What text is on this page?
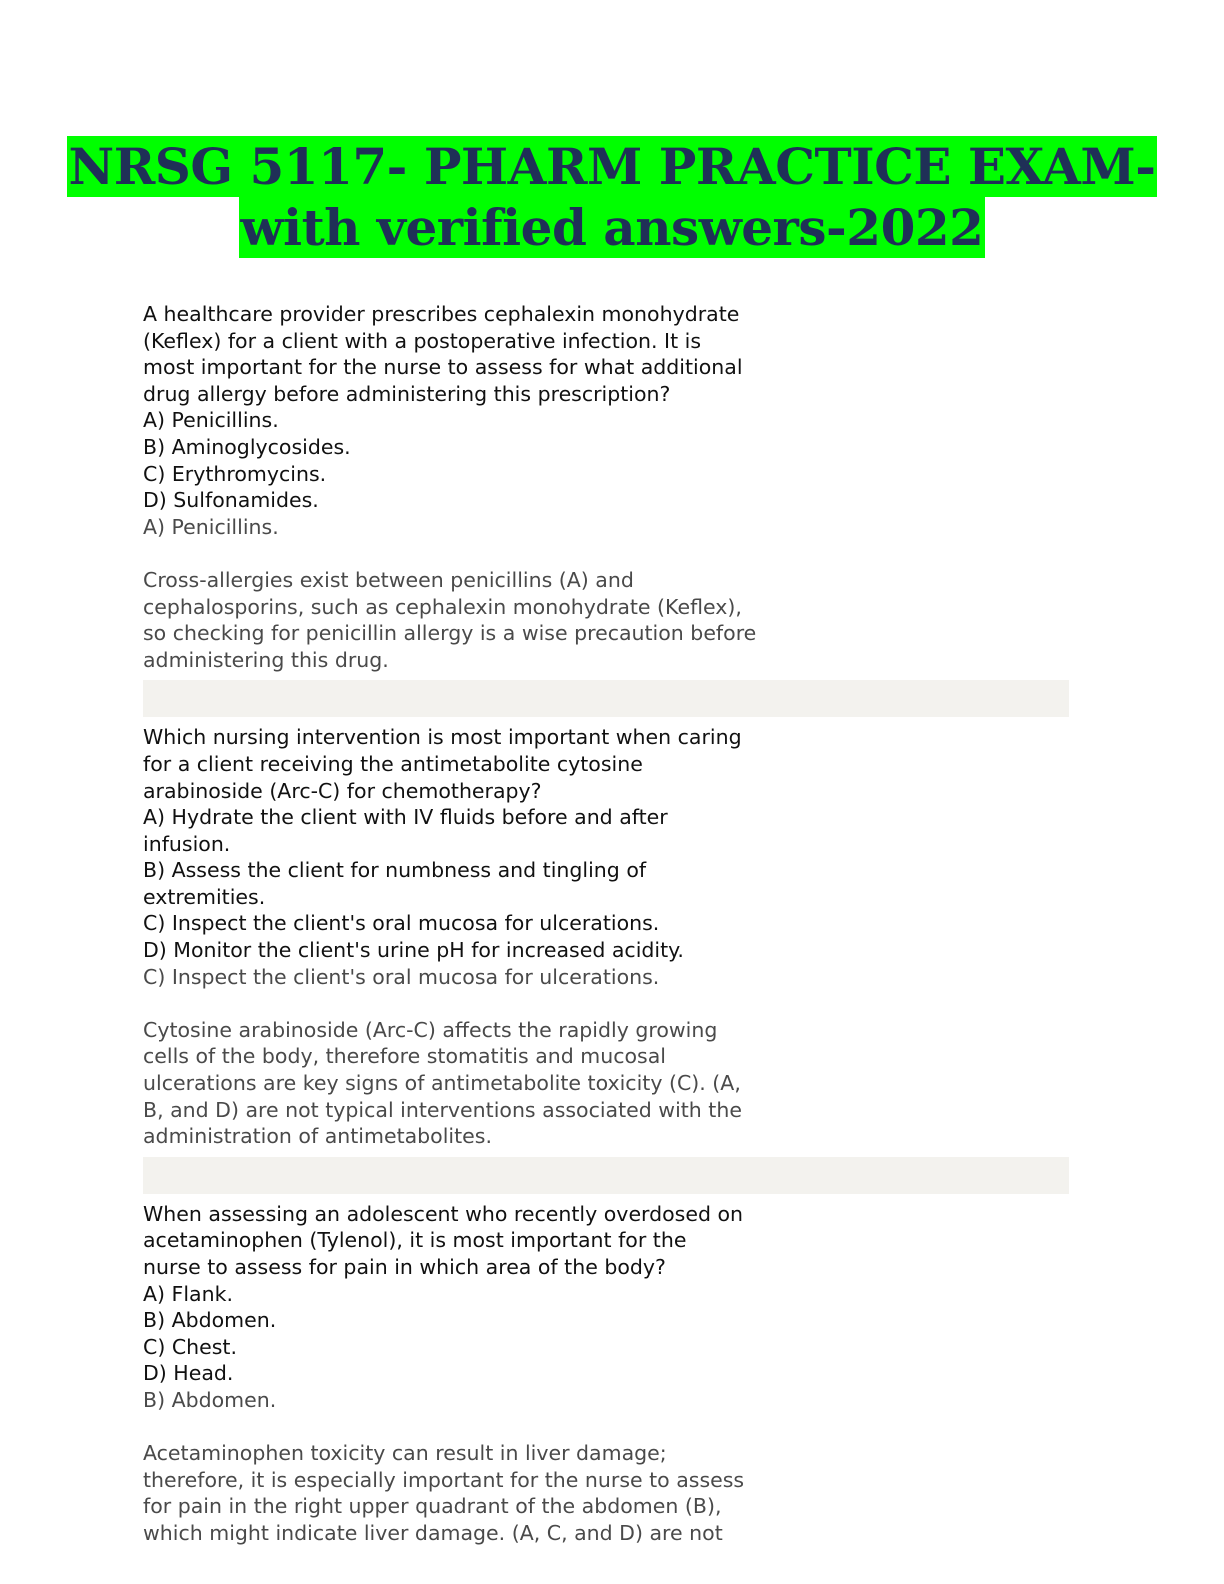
NRSG 5117- PHARM PRACTICE EXAM-
with verified answers-2022
A healthcare provider prescribes cephalexin monohydrate
(Keflex) for a client with a postoperative infection. It is
most important for the nurse to assess for what additional
drug allergy before administering this prescription?
A) Penicillins.
B) Aminoglycosides.
C) Erythromycins.
D) Sulfonamides.
A) Penicillins.
Cross-allergies exist between penicillins (A) and
cephalosporins, such as cephalexin monohydrate (Keflex),
so checking for penicillin allergy is a wise precaution before
administering this drug.
Which nursing intervention is most important when caring
for a client receiving the antimetabolite cytosine
arabinoside (Arc-C) for chemotherapy?
A) Hydrate the client with IV fluids before and after
infusion.
B) Assess the client for numbness and tingling of
extremities.
C) Inspect the client's oral mucosa for ulcerations.
D) Monitor the client's urine pH for increased acidity.
C) Inspect the client's oral mucosa for ulcerations.
Cytosine arabinoside (Arc-C) affects the rapidly growing
cells of the body, therefore stomatitis and mucosal
ulcerations are key signs of antimetabolite toxicity (C). (A,
B, and D) are not typical interventions associated with the
administration of antimetabolites.
When assessing an adolescent who recently overdosed on
acetaminophen (Tylenol), it is most important for the
nurse to assess for pain in which area of the body?
A) Flank.
B) Abdomen.
C) Chest.
D) Head.
B) Abdomen.
Acetaminophen toxicity can result in liver damage;
therefore, it is especially important for the nurse to assess
for pain in the right upper quadrant of the abdomen (B),
which might indicate liver damage. (A, C, and D) are not
